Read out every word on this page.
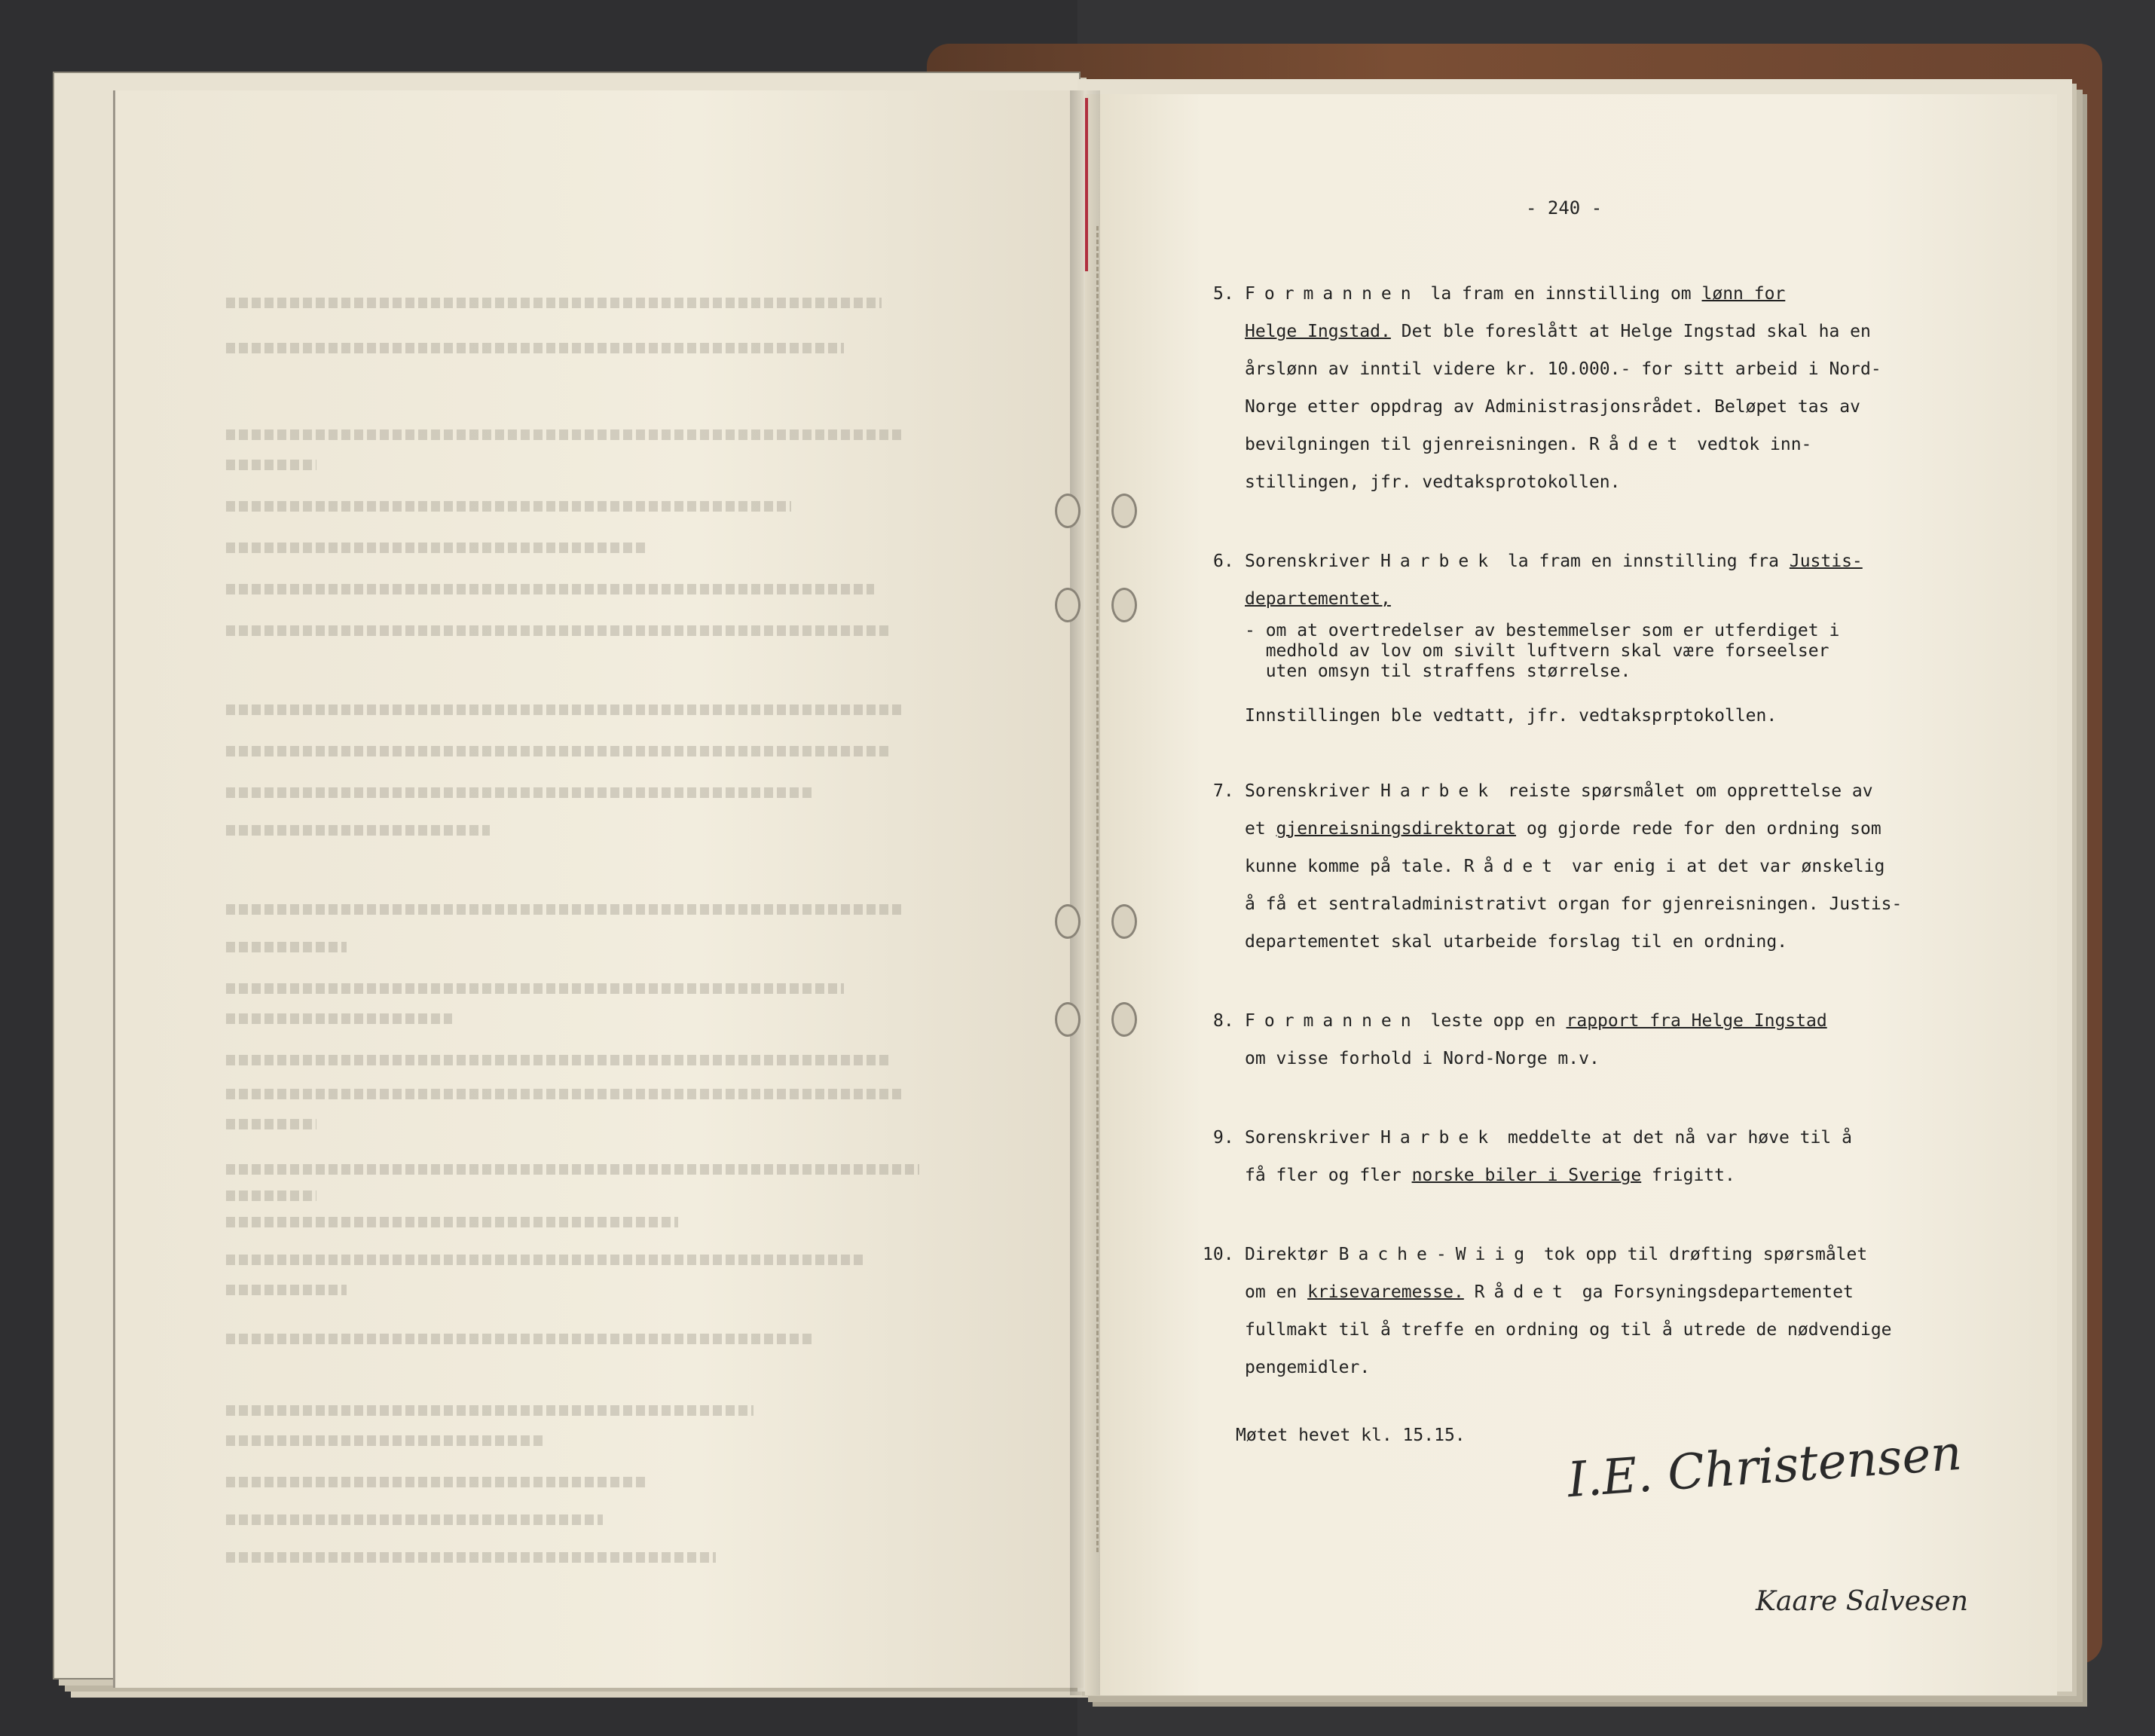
- 240 -
5. Formannen la fram en innstilling om lønn for
Helge Ingstad. Det ble foreslått at Helge Ingstad skal ha en
årslønn av inntil videre kr. 10.000.- for sitt arbeid i Nord-
Norge etter oppdrag av Administrasjonsrådet. Beløpet tas av
bevilgningen til gjenreisningen. Rådet vedtok inn-
stillingen, jfr. vedtaksprotokollen.
6. Sorenskriver Harbek la fram en innstilling fra Justis-
departementet,
- om at overtredelser av bestemmelser som er utferdiget i
medhold av lov om sivilt luftvern skal være forseelser
uten omsyn til straffens størrelse.
Innstillingen ble vedtatt, jfr. vedtaksprptokollen.
7. Sorenskriver Harbek reiste spørsmålet om opprettelse av
et gjenreisningsdirektorat og gjorde rede for den ordning som
kunne komme på tale. Rådet var enig i at det var ønskelig
å få et sentraladministrativt organ for gjenreisningen. Justis-
departementet skal utarbeide forslag til en ordning.
8. Formannen leste opp en rapport fra Helge Ingstad
om visse forhold i Nord-Norge m.v.
9. Sorenskriver Harbek meddelte at det nå var høve til å
få fler og fler norske biler i Sverige frigitt.
10. Direktør Bache-Wiig tok opp til drøfting spørsmålet
om en krisevaremesse. Rådet ga Forsyningsdepartementet
fullmakt til å treffe en ordning og til å utrede de nødvendige
pengemidler.
Møtet hevet kl. 15.15.	I.E. Christensen
Kaare Salvesen
